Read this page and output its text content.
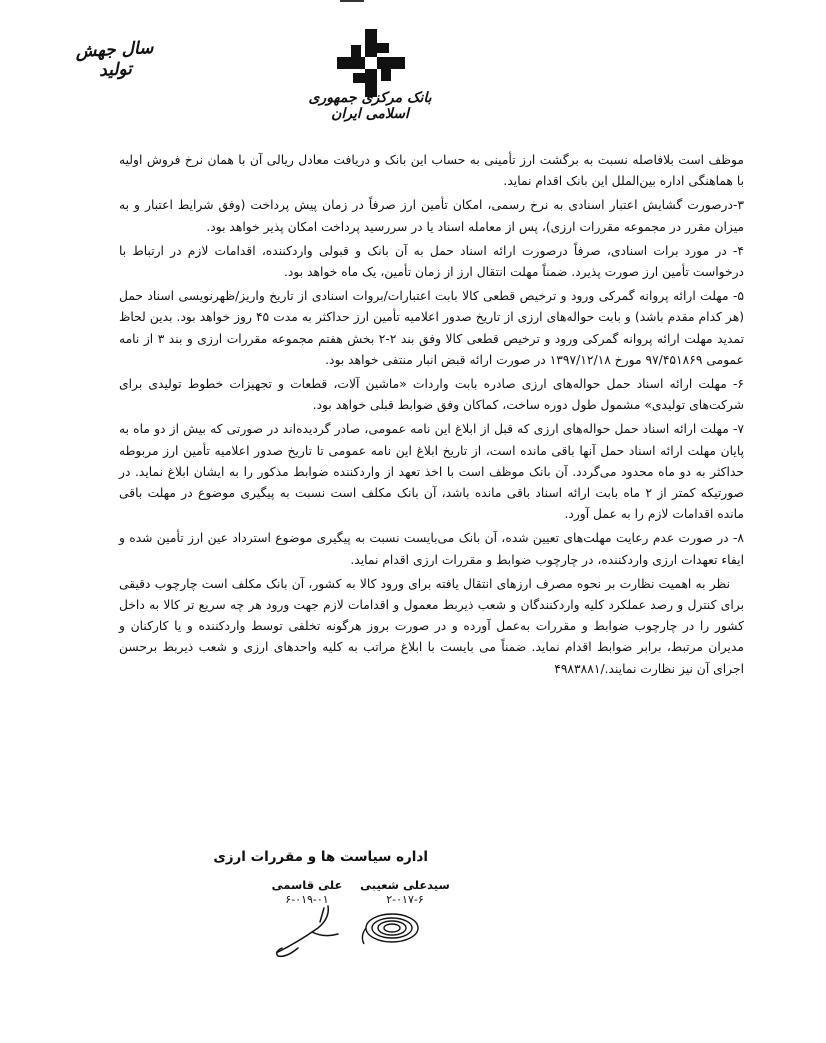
بانک مرکزی جمهوری اسلامی ایران
سال جهش تولید

موظف است بلافاصله نسبت به برگشت ارز تأمینی به حساب این بانک و دریافت معادل ریالی آن با همان نرخ فروش اولیه با هماهنگی اداره بین‌الملل این بانک اقدام نماید.

۳-درصورت گشایش اعتبار اسنادی به نرخ رسمی، امکان تأمین ارز صرفاً در زمان پیش پرداخت (وفق شرایط اعتبار و به میزان مقرر در مجموعه مقررات ارزی)، پس از معامله اسناد یا در سررسید پرداخت امکان پذیر خواهد بود.

۴- در مورد برات اسنادی، صرفاً درصورت ارائه اسناد حمل به آن بانک و قبولی واردکننده، اقدامات لازم در ارتباط با درخواست تأمین ارز صورت پذیرد. ضمناً مهلت انتقال ارز از زمان تأمین، یک ماه خواهد بود.

۵- مهلت ارائه پروانه گمرکی ورود و ترخیص قطعی کالا بابت اعتبارات/بروات اسنادی از تاریخ واریز/ظهرنویسی اسناد حمل (هر کدام مقدم باشد) و بابت حواله‌های ارزی از تاریخ صدور اعلامیه تأمین ارز حداکثر به مدت ۴۵ روز خواهد بود. بدین لحاظ تمدید مهلت ارائه پروانه گمرکی ورود و ترخیص قطعی کالا وفق بند ۲-۲ بخش هفتم مجموعه مقررات ارزی و بند ۳ از نامه عمومی ۹۷/۴۵۱۸۶۹ مورخ ۱۳۹۷/۱۲/۱۸ در صورت ارائه قبض انبار منتفی خواهد بود.

۶- مهلت ارائه اسناد حمل حواله‌های ارزی صادره بابت واردات «ماشین آلات، قطعات و تجهیزات خطوط تولیدی برای شرکت‌های تولیدی» مشمول طول دوره ساخت، کماکان وفق ضوابط قبلی خواهد بود.

۷- مهلت ارائه اسناد حمل حواله‌های ارزی که قبل از ابلاغ این نامه عمومی، صادر گردیده‌اند در صورتی که بیش از دو ماه به پایان مهلت ارائه اسناد حمل آنها باقی مانده است، از تاریخ ابلاغ این نامه عمومی تا تاریخ صدور اعلامیه تأمین ارز مربوطه حداکثر به دو ماه محدود می‌گردد. آن بانک موظف است با اخذ تعهد از واردکننده ضوابط مذکور را به ایشان ابلاغ نماید. در صورتیکه کمتر از ۲ ماه بابت ارائه اسناد باقی مانده باشد، آن بانک مکلف است نسبت به پیگیری موضوع در مهلت باقی مانده اقدامات لازم را به عمل آورد.

۸- در صورت عدم رعایت مهلت‌های تعیین شده، آن بانک می‌بایست نسبت به پیگیری موضوع استرداد عین ارز تأمین شده و ایفاء تعهدات ارزی واردکننده، در چارچوب ضوابط و مقررات ارزی اقدام نماید.

نظر به اهمیت نظارت بر نحوه مصرف ارزهای انتقال یافته برای ورود کالا به کشور، آن بانک مکلف است چارچوب دقیقی برای کنترل و رصد عملکرد کلیه واردکنندگان و شعب ذیربط معمول و اقدامات لازم جهت ورود هر چه سریع تر کالا به داخل کشور را در چارچوب ضوابط و مقررات به‌عمل آورده و در صورت بروز هرگونه تخلفی توسط واردکننده و یا کارکنان و مدیران مرتبط، برابر ضوابط اقدام نماید. ضمناً می بایست با ابلاغ مراتب به کلیه واحدهای ارزی و شعب ذیربط برحسن اجرای آن نیز نظارت نمایند./۴۹۸۳۸۸۱

اداره سیاست ها و مقررات ارزی
سیدعلی شعیبی
۲-۰۱۷-۶
علی قاسمی
۶-۰۱۹-۰۱
